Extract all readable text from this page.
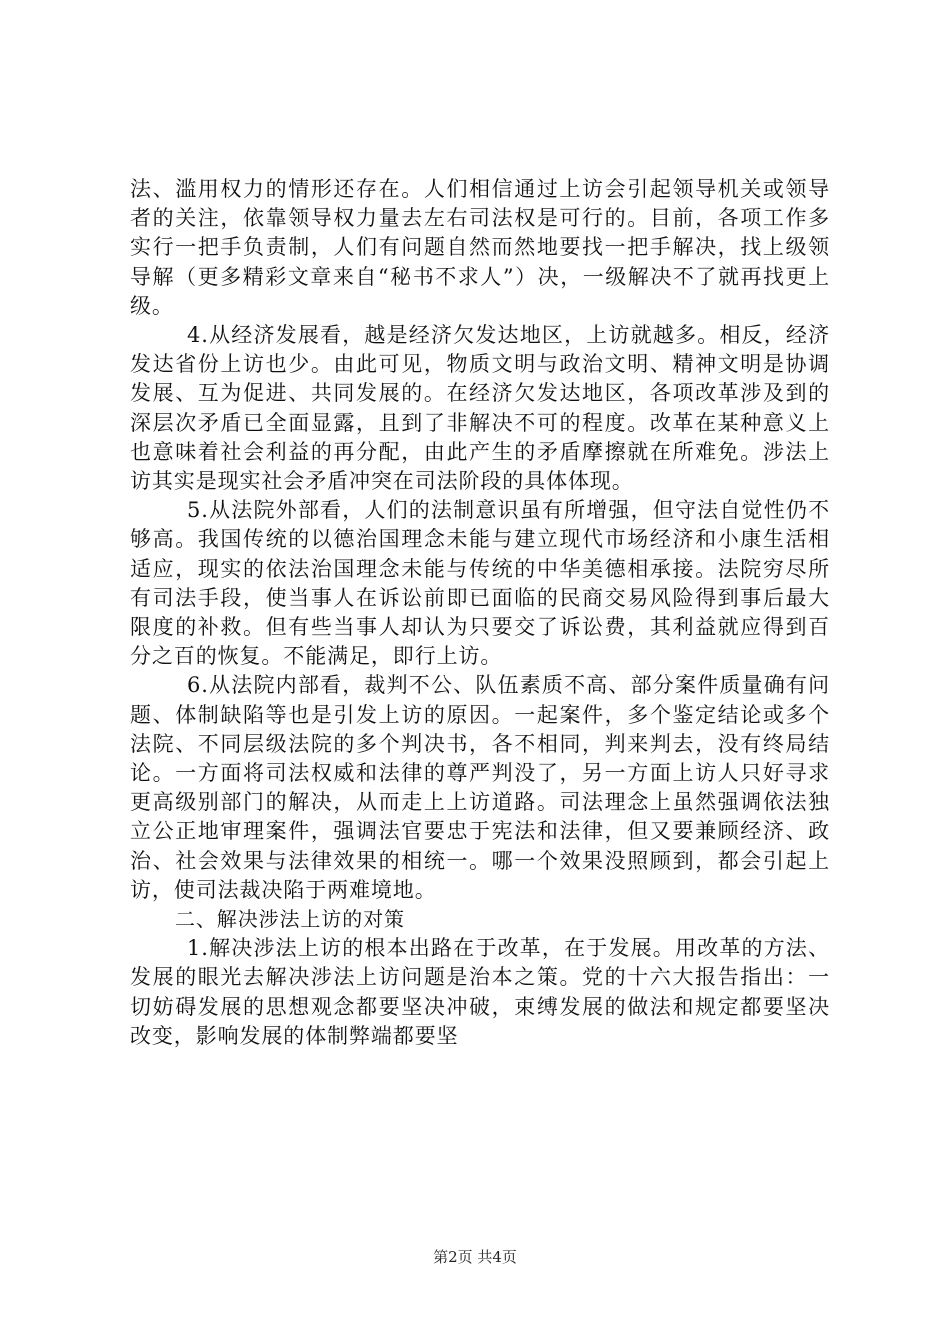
法、滥用权力的情形还存在。人们相信通过上访会引起领导机关或领导者的关注，依靠领导权力量去左右司法权是可行的。目前，各项工作多实行一把手负责制，人们有问题自然而然地要找一把手解决，找上级领导解（更多精彩文章来自“秘书不求人”）决，一级解决不了就再找更上级。

4.从经济发展看，越是经济欠发达地区，上访就越多。相反，经济发达省份上访也少。由此可见，物质文明与政治文明、精神文明是协调发展、互为促进、共同发展的。在经济欠发达地区，各项改革涉及到的深层次矛盾已全面显露，且到了非解决不可的程度。改革在某种意义上也意味着社会利益的再分配，由此产生的矛盾摩擦就在所难免。涉法上访其实是现实社会矛盾冲突在司法阶段的具体体现。

5.从法院外部看，人们的法制意识虽有所增强，但守法自觉性仍不够高。我国传统的以德治国理念未能与建立现代市场经济和小康生活相适应，现实的依法治国理念未能与传统的中华美德相承接。法院穷尽所有司法手段，使当事人在诉讼前即已面临的民商交易风险得到事后最大限度的补救。但有些当事人却认为只要交了诉讼费，其利益就应得到百分之百的恢复。不能满足，即行上访。

6.从法院内部看，裁判不公、队伍素质不高、部分案件质量确有问题、体制缺陷等也是引发上访的原因。一起案件，多个鉴定结论或多个法院、不同层级法院的多个判决书，各不相同，判来判去，没有终局结论。一方面将司法权威和法律的尊严判没了，另一方面上访人只好寻求更高级别部门的解决，从而走上上访道路。司法理念上虽然强调依法独立公正地审理案件，强调法官要忠于宪法和法律，但又要兼顾经济、政治、社会效果与法律效果的相统一。哪一个效果没照顾到，都会引起上访，使司法裁决陷于两难境地。

二、解决涉法上访的对策

1.解决涉法上访的根本出路在于改革，在于发展。用改革的方法、发展的眼光去解决涉法上访问题是治本之策。党的十六大报告指出：一切妨碍发展的思想观念都要坚决冲破，束缚发展的做法和规定都要坚决改变，影响发展的体制弊端都要坚

第2页 共4页
